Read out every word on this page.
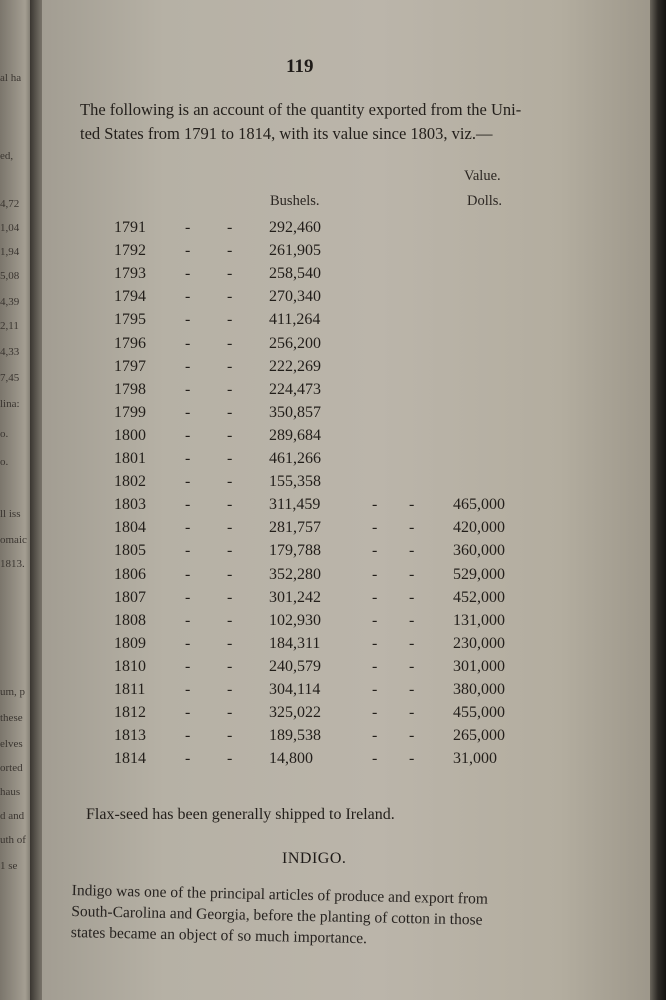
al ha
ed,
4,72
1,04
1,94
5,08
4,39
2,11
4,33
7,45
lina:
o.
o.
ll iss
omaic
1813.
um, p
these
elves
orted
haus
d and
uth of
1 se
119
The following is an account of the quantity exported from the Uni-
ted States from 1791 to 1814, with its value since 1803, viz.—
Value.
Bushels.	Dolls.
1791 - - 292,460
1792 - - 261,905
1793 - - 258,540
1794 - - 270,340
1795 - - 411,264
1796 - - 256,200
1797 - - 222,269
1798 - - 224,473
1799 - - 350,857
1800 - - 289,684
1801 - - 461,266
1802 - - 155,358
1803 - - 311,459	- - 465,000
1804 - - 281,757	- - 420,000
1805 - - 179,788	- - 360,000
1806 - - 352,280	- - 529,000
1807 - - 301,242	- - 452,000
1808 - - 102,930	- - 131,000
1809 - - 184,311	- - 230,000
1810 - - 240,579	- - 301,000
1811 - - 304,114	- - 380,000
1812 - - 325,022	- - 455,000
1813 - - 189,538	- - 265,000
1814 - - 14,800	- - 31,000
Flax-seed has been generally shipped to Ireland.
INDIGO.
Indigo was one of the principal articles of produce and export from
South-Carolina and Georgia, before the planting of cotton in those
states became an object of so much importance.
